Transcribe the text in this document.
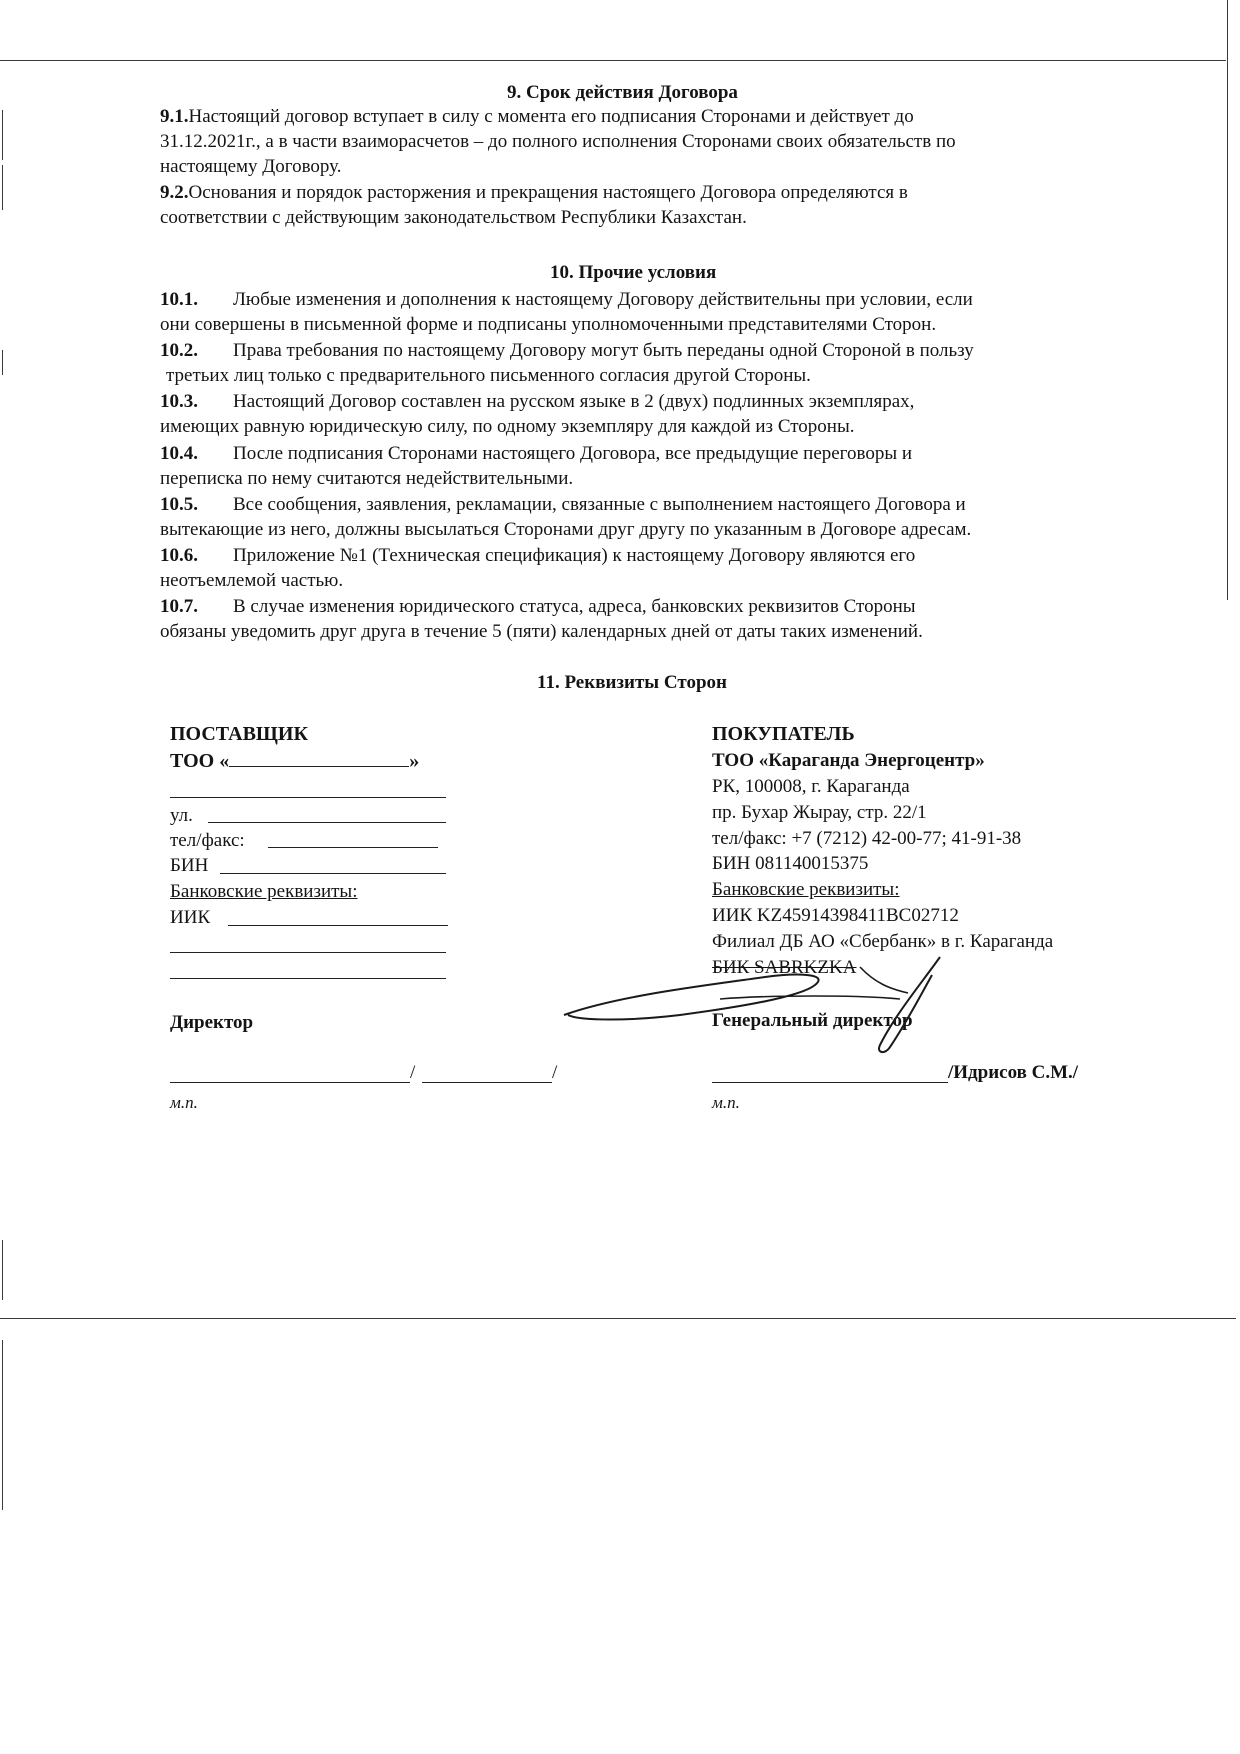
9. Срок действия Договора
9.1.Настоящий договор вступает в силу с момента его подписания Сторонами и действует до
31.12.2021г., а в части взаиморасчетов – до полного исполнения Сторонами своих обязательств по
настоящему Договору.
9.2.Основания и порядок расторжения и прекращения настоящего Договора определяются в
соответствии с действующим законодательством Республики Казахстан.
10. Прочие условия
10.1. Любые изменения и дополнения к настоящему Договору действительны при условии, если
они совершены в письменной форме и подписаны уполномоченными представителями Сторон.
10.2. Права требования по настоящему Договору могут быть переданы одной Стороной в пользу
третьих лиц только с предварительного письменного согласия другой Стороны.
10.3. Настоящий Договор составлен на русском языке в 2 (двух) подлинных экземплярах,
имеющих равную юридическую силу, по одному экземпляру для каждой из Стороны.
10.4. После подписания Сторонами настоящего Договора, все предыдущие переговоры и
переписка по нему считаются недействительными.
10.5. Все сообщения, заявления, рекламации, связанные с выполнением настоящего Договора и
вытекающие из него, должны высылаться Сторонами друг другу по указанным в Договоре адресам.
10.6. Приложение №1 (Техническая спецификация) к настоящему Договору являются его
неотъемлемой частью.
10.7. В случае изменения юридического статуса, адреса, банковских реквизитов Стороны
обязаны уведомить друг друга в течение 5 (пяти) календарных дней от даты таких изменений.
11. Реквизиты Сторон
ПОСТАВЩИК
ТОО «	»
ул.
тел/факс:
БИН
Банковские реквизиты:
ИИК
Директор
/	/
м.п.
ПОКУПАТЕЛЬ
ТОО «Караганда Энергоцентр»
РК, 100008, г. Караганда
пр. Бухар Жырау, стр. 22/1
тел/факс: +7 (7212) 42-00-77; 41-91-38
БИН 081140015375
Банковские реквизиты:
ИИК KZ45914398411BC02712
Филиал ДБ АО «Сбербанк» в г. Караганда
БИК SABRKZKA
Генеральный директор
/Идрисов С.М./
м.п.
